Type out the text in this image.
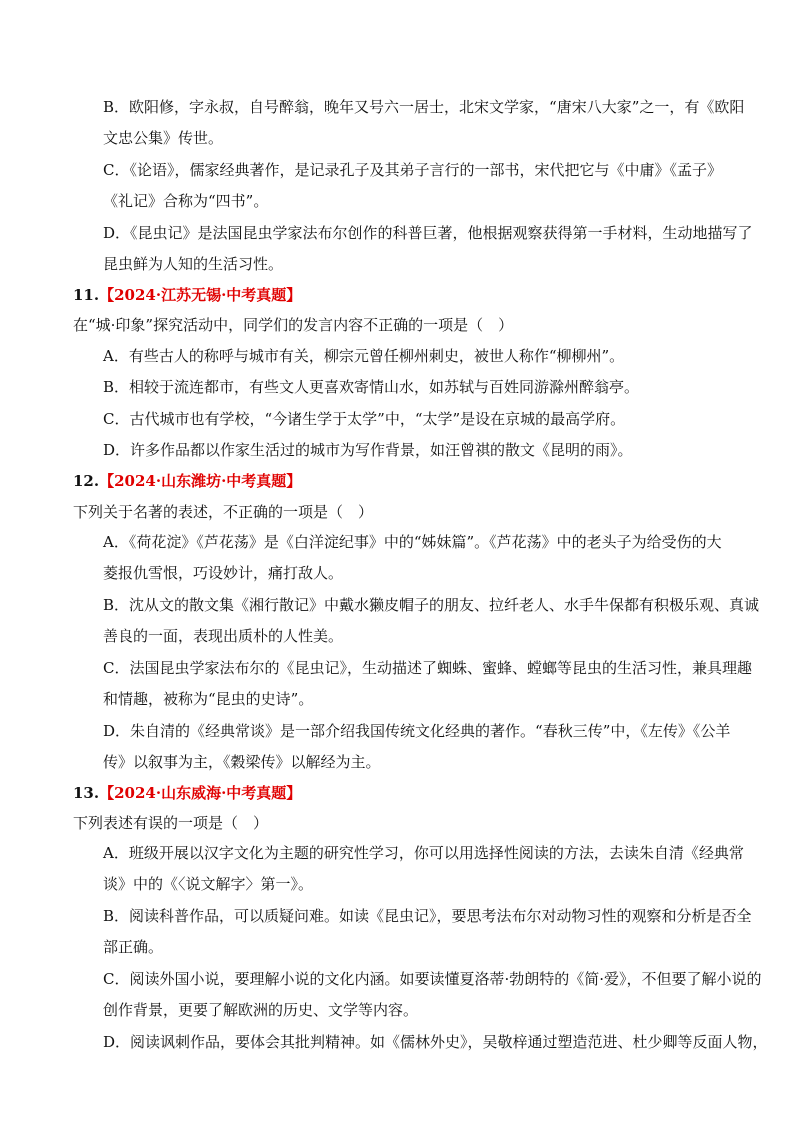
B．欧阳修，字永叔，自号醉翁，晚年又号六一居士，北宋文学家，“唐宋八大家”之一，有《欧阳
文忠公集》传世。
C．《论语》，儒家经典著作，是记录孔子及其弟子言行的一部书，宋代把它与《中庸》《孟子》
《礼记》合称为“四书”。
D．《昆虫记》是法国昆虫学家法布尔创作的科普巨著，他根据观察获得第一手材料，生动地描写了
昆虫鲜为人知的生活习性。
11.【2024·江苏无锡·中考真题】
在“城·印象”探究活动中，同学们的发言内容不正确的一项是（　）
A．有些古人的称呼与城市有关，柳宗元曾任柳州刺史，被世人称作“柳柳州”。
B．相较于流连都市，有些文人更喜欢寄情山水，如苏轼与百姓同游滁州醉翁亭。
C．古代城市也有学校，“今诸生学于太学”中，“太学”是设在京城的最高学府。
D．许多作品都以作家生活过的城市为写作背景，如汪曾祺的散文《昆明的雨》。
12.【2024·山东潍坊·中考真题】
下列关于名著的表述，不正确的一项是（　）
A．《荷花淀》《芦花荡》是《白洋淀纪事》中的“姊妹篇”。《芦花荡》中的老头子为给受伤的大
菱报仇雪恨，巧设妙计，痛打敌人。
B．沈从文的散文集《湘行散记》中戴水獭皮帽子的朋友、拉纤老人、水手牛保都有积极乐观、真诚
善良的一面，表现出质朴的人性美。
C．法国昆虫学家法布尔的《昆虫记》，生动描述了蜘蛛、蜜蜂、螳螂等昆虫的生活习性，兼具理趣
和情趣，被称为“昆虫的史诗”。
D．朱自清的《经典常谈》是一部介绍我国传统文化经典的著作。“春秋三传”中，《左传》《公羊
传》以叙事为主，《穀梁传》以解经为主。
13.【2024·山东威海·中考真题】
下列表述有误的一项是（　）
A．班级开展以汉字文化为主题的研究性学习，你可以用选择性阅读的方法，去读朱自清《经典常
谈》中的《〈说文解字〉第一》。
B．阅读科普作品，可以质疑问难。如读《昆虫记》，要思考法布尔对动物习性的观察和分析是否全
部正确。
C．阅读外国小说，要理解小说的文化内涵。如要读懂夏洛蒂·勃朗特的《简·爱》，不但要了解小说的
创作背景，更要了解欧洲的历史、文学等内容。
D．阅读讽刺作品，要体会其批判精神。如《儒林外史》，吴敬梓通过塑造范进、杜少卿等反面人物，
